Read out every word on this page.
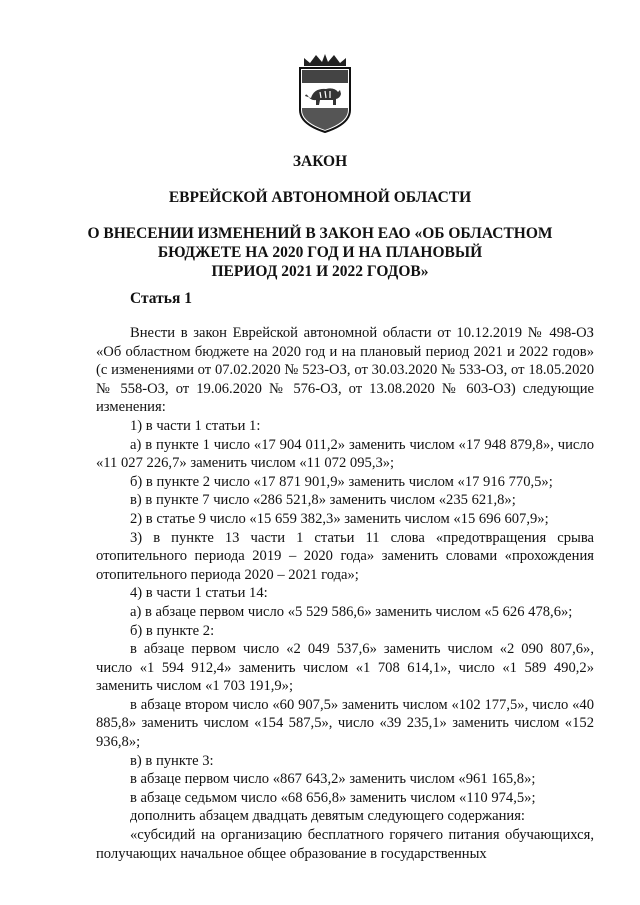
ЗАКОН

ЕВРЕЙСКОЙ АВТОНОМНОЙ ОБЛАСТИ

О ВНЕСЕНИИ ИЗМЕНЕНИЙ В ЗАКОН ЕАО «ОБ ОБЛАСТНОМ
БЮДЖЕТЕ НА 2020 ГОД И НА ПЛАНОВЫЙ
ПЕРИОД 2021 И 2022 ГОДОВ»

Статья 1

Внести в закон Еврейской автономной области от 10.12.2019 № 498-ОЗ «Об областном бюджете на 2020 год и на плановый период 2021 и 2022 годов» (с изменениями от 07.02.2020 № 523-ОЗ, от 30.03.2020 № 533-ОЗ, от 18.05.2020 № 558-ОЗ, от 19.06.2020 № 576-ОЗ, от 13.08.2020 № 603-ОЗ) следующие изменения:

1) в части 1 статьи 1:

а) в пункте 1 число «17 904 011,2» заменить числом «17 948 879,8», число «11 027 226,7» заменить числом «11 072 095,3»;

б) в пункте 2 число «17 871 901,9» заменить числом «17 916 770,5»;

в) в пункте 7 число «286 521,8» заменить числом «235 621,8»;

2) в статье 9 число «15 659 382,3» заменить числом «15 696 607,9»;

3) в пункте 13 части 1 статьи 11 слова «предотвращения срыва отопительного периода 2019 – 2020 года» заменить словами «прохождения отопительного периода 2020 – 2021 года»;

4) в части 1 статьи 14:

а) в абзаце первом число «5 529 586,6» заменить числом «5 626 478,6»;

б) в пункте 2:

в абзаце первом число «2 049 537,6» заменить числом «2 090 807,6», число «1 594 912,4» заменить числом «1 708 614,1», число «1 589 490,2» заменить числом «1 703 191,9»;

в абзаце втором число «60 907,5» заменить числом «102 177,5», число «40 885,8» заменить числом «154 587,5», число «39 235,1» заменить числом «152 936,8»;

в) в пункте 3:

в абзаце первом число «867 643,2» заменить числом «961 165,8»;

в абзаце седьмом число «68 656,8» заменить числом «110 974,5»;

дополнить абзацем двадцать девятым следующего содержания:

«субсидий на организацию бесплатного горячего питания обучающихся, получающих начальное общее образование в государственных
